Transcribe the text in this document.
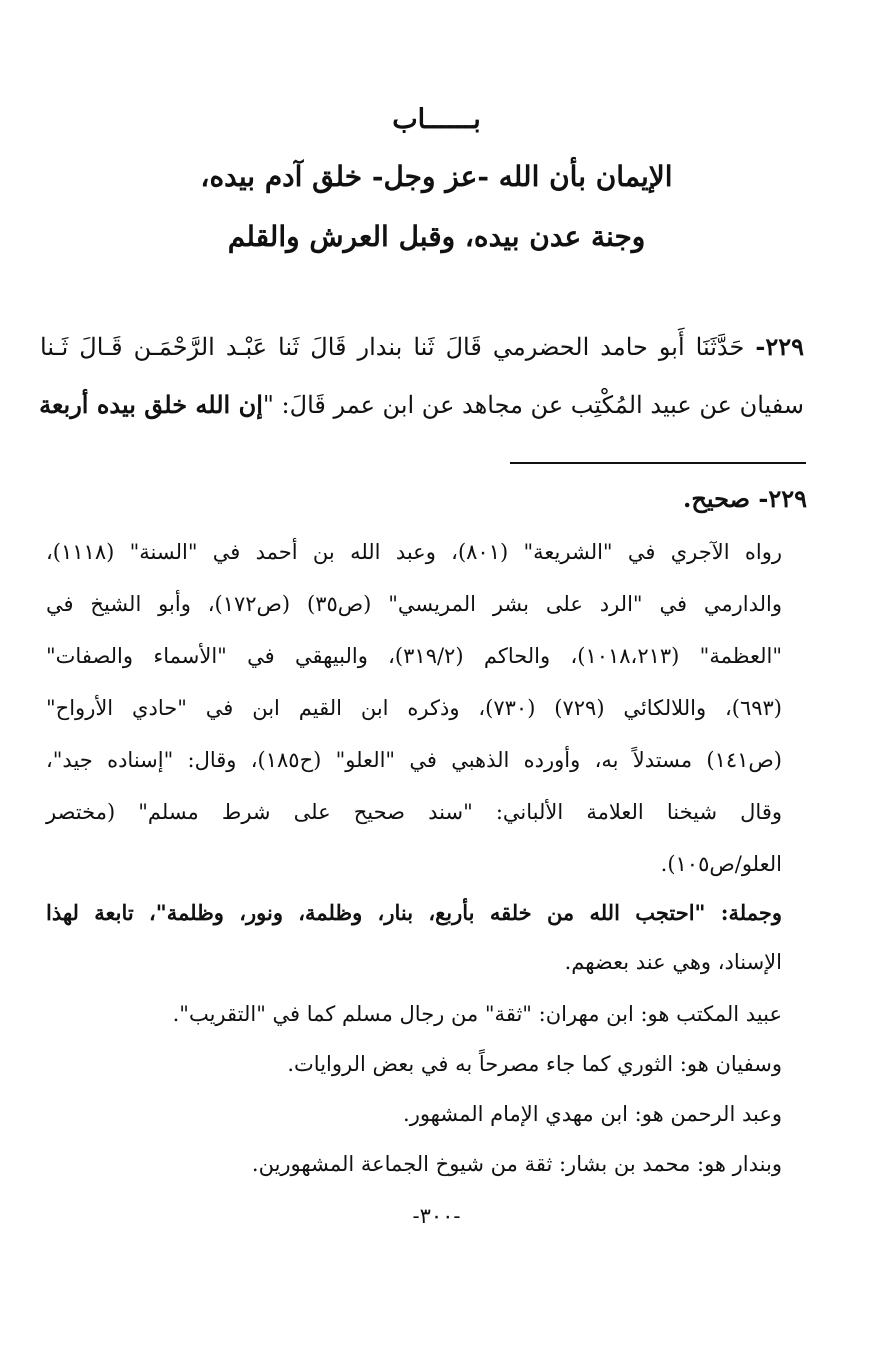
بــــــاب
الإيمان بأن الله -عز وجل- خلق آدم بيده،
وجنة عدن بيده، وقبل العرش والقلم
٢٢٩- حَدَّثَنَا أَبو حامد الحضرمي قَالَ ثَنا بندار قَالَ ثَنا عَبْـد الرَّحْمَـن قَـالَ ثَـنا
سفيان عن عبيد المُكْتِب عن مجاهد عن ابن عمر قَالَ: "إن الله خلق بيده أربعة
٢٢٩- صحيح.
رواه الآجري في "الشريعة" (٨٠١)، وعبد الله بن أحمد في "السنة" (١١١٨)،
والدارمي في "الرد على بشر المريسي" (ص٣٥) (ص١٧٢)، وأبو الشيخ في
"العظمة" (١٠١٨،٢١٣)، والحاكم (٣١٩/٢)، والبيهقي في "الأسماء والصفات"
(٦٩٣)، واللالكائي (٧٢٩) (٧٣٠)، وذكره ابن القيم ابن في "حادي الأرواح"
(ص١٤١) مستدلاً به، وأورده الذهبي في "العلو" (ح١٨٥)، وقال: "إسناده جيد"،
وقال شيخنا العلامة الألباني: "سند صحيح على شرط مسلم" (مختصر
العلو/ص١٠٥).
وجملة: "احتجب الله من خلقه بأربع، بنار، وظلمة، ونور، وظلمة"، تابعة لهذا
الإسناد، وهي عند بعضهم.
عبيد المكتب هو: ابن مهران: "ثقة" من رجال مسلم كما في "التقريب".
وسفيان هو: الثوري كما جاء مصرحاً به في بعض الروايات.
وعبد الرحمن هو: ابن مهدي الإمام المشهور.
وبندار هو: محمد بن بشار: ثقة من شيوخ الجماعة المشهورين.
-٣٠٠-
